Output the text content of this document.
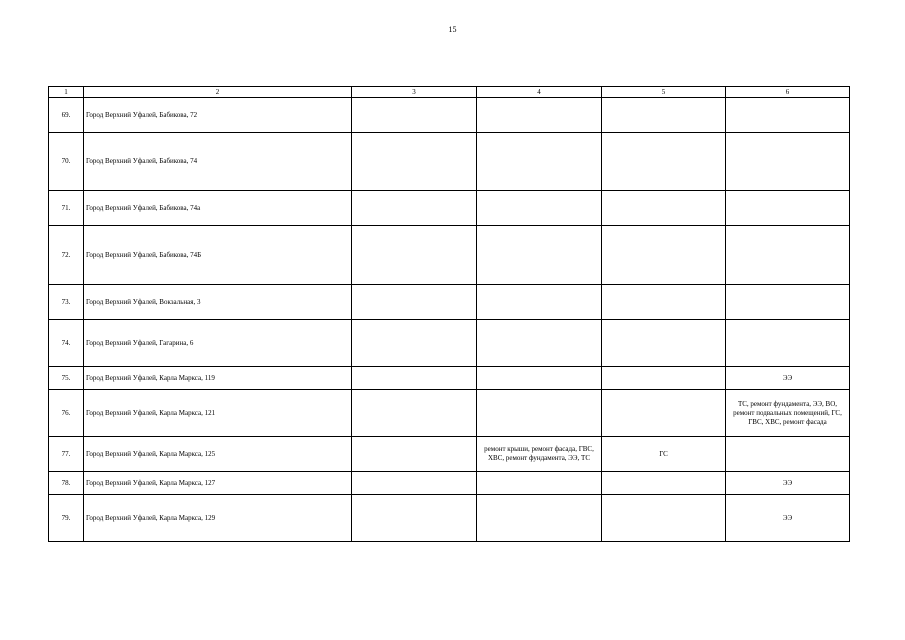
15
1	2	3	4	5	6
69.	Город Верхний Уфалей, Бабикова, 72				
70.	Город Верхний Уфалей, Бабикова, 74				
71.	Город Верхний Уфалей, Бабикова, 74а				
72.	Город Верхний Уфалей, Бабикова, 74Б				
73.	Город Верхний Уфалей, Вокзальная, 3				
74.	Город Верхний Уфалей, Гагарина, 6				
75.	Город Верхний Уфалей, Карла Маркса, 119				ЭЭ
76.	Город Верхний Уфалей, Карла Маркса, 121				ТС, ремонт фундамента, ЭЭ, ВО, ремонт подвальных помещений, ГС, ГВС, ХВС, ремонт фасада
77.	Город Верхний Уфалей, Карла Маркса, 125		ремонт крыши, ремонт фасада, ГВС, ХВС, ремонт фундамента, ЭЭ, ТС	ГС	
78.	Город Верхний Уфалей, Карла Маркса, 127				ЭЭ
79.	Город Верхний Уфалей, Карла Маркса, 129				ЭЭ
